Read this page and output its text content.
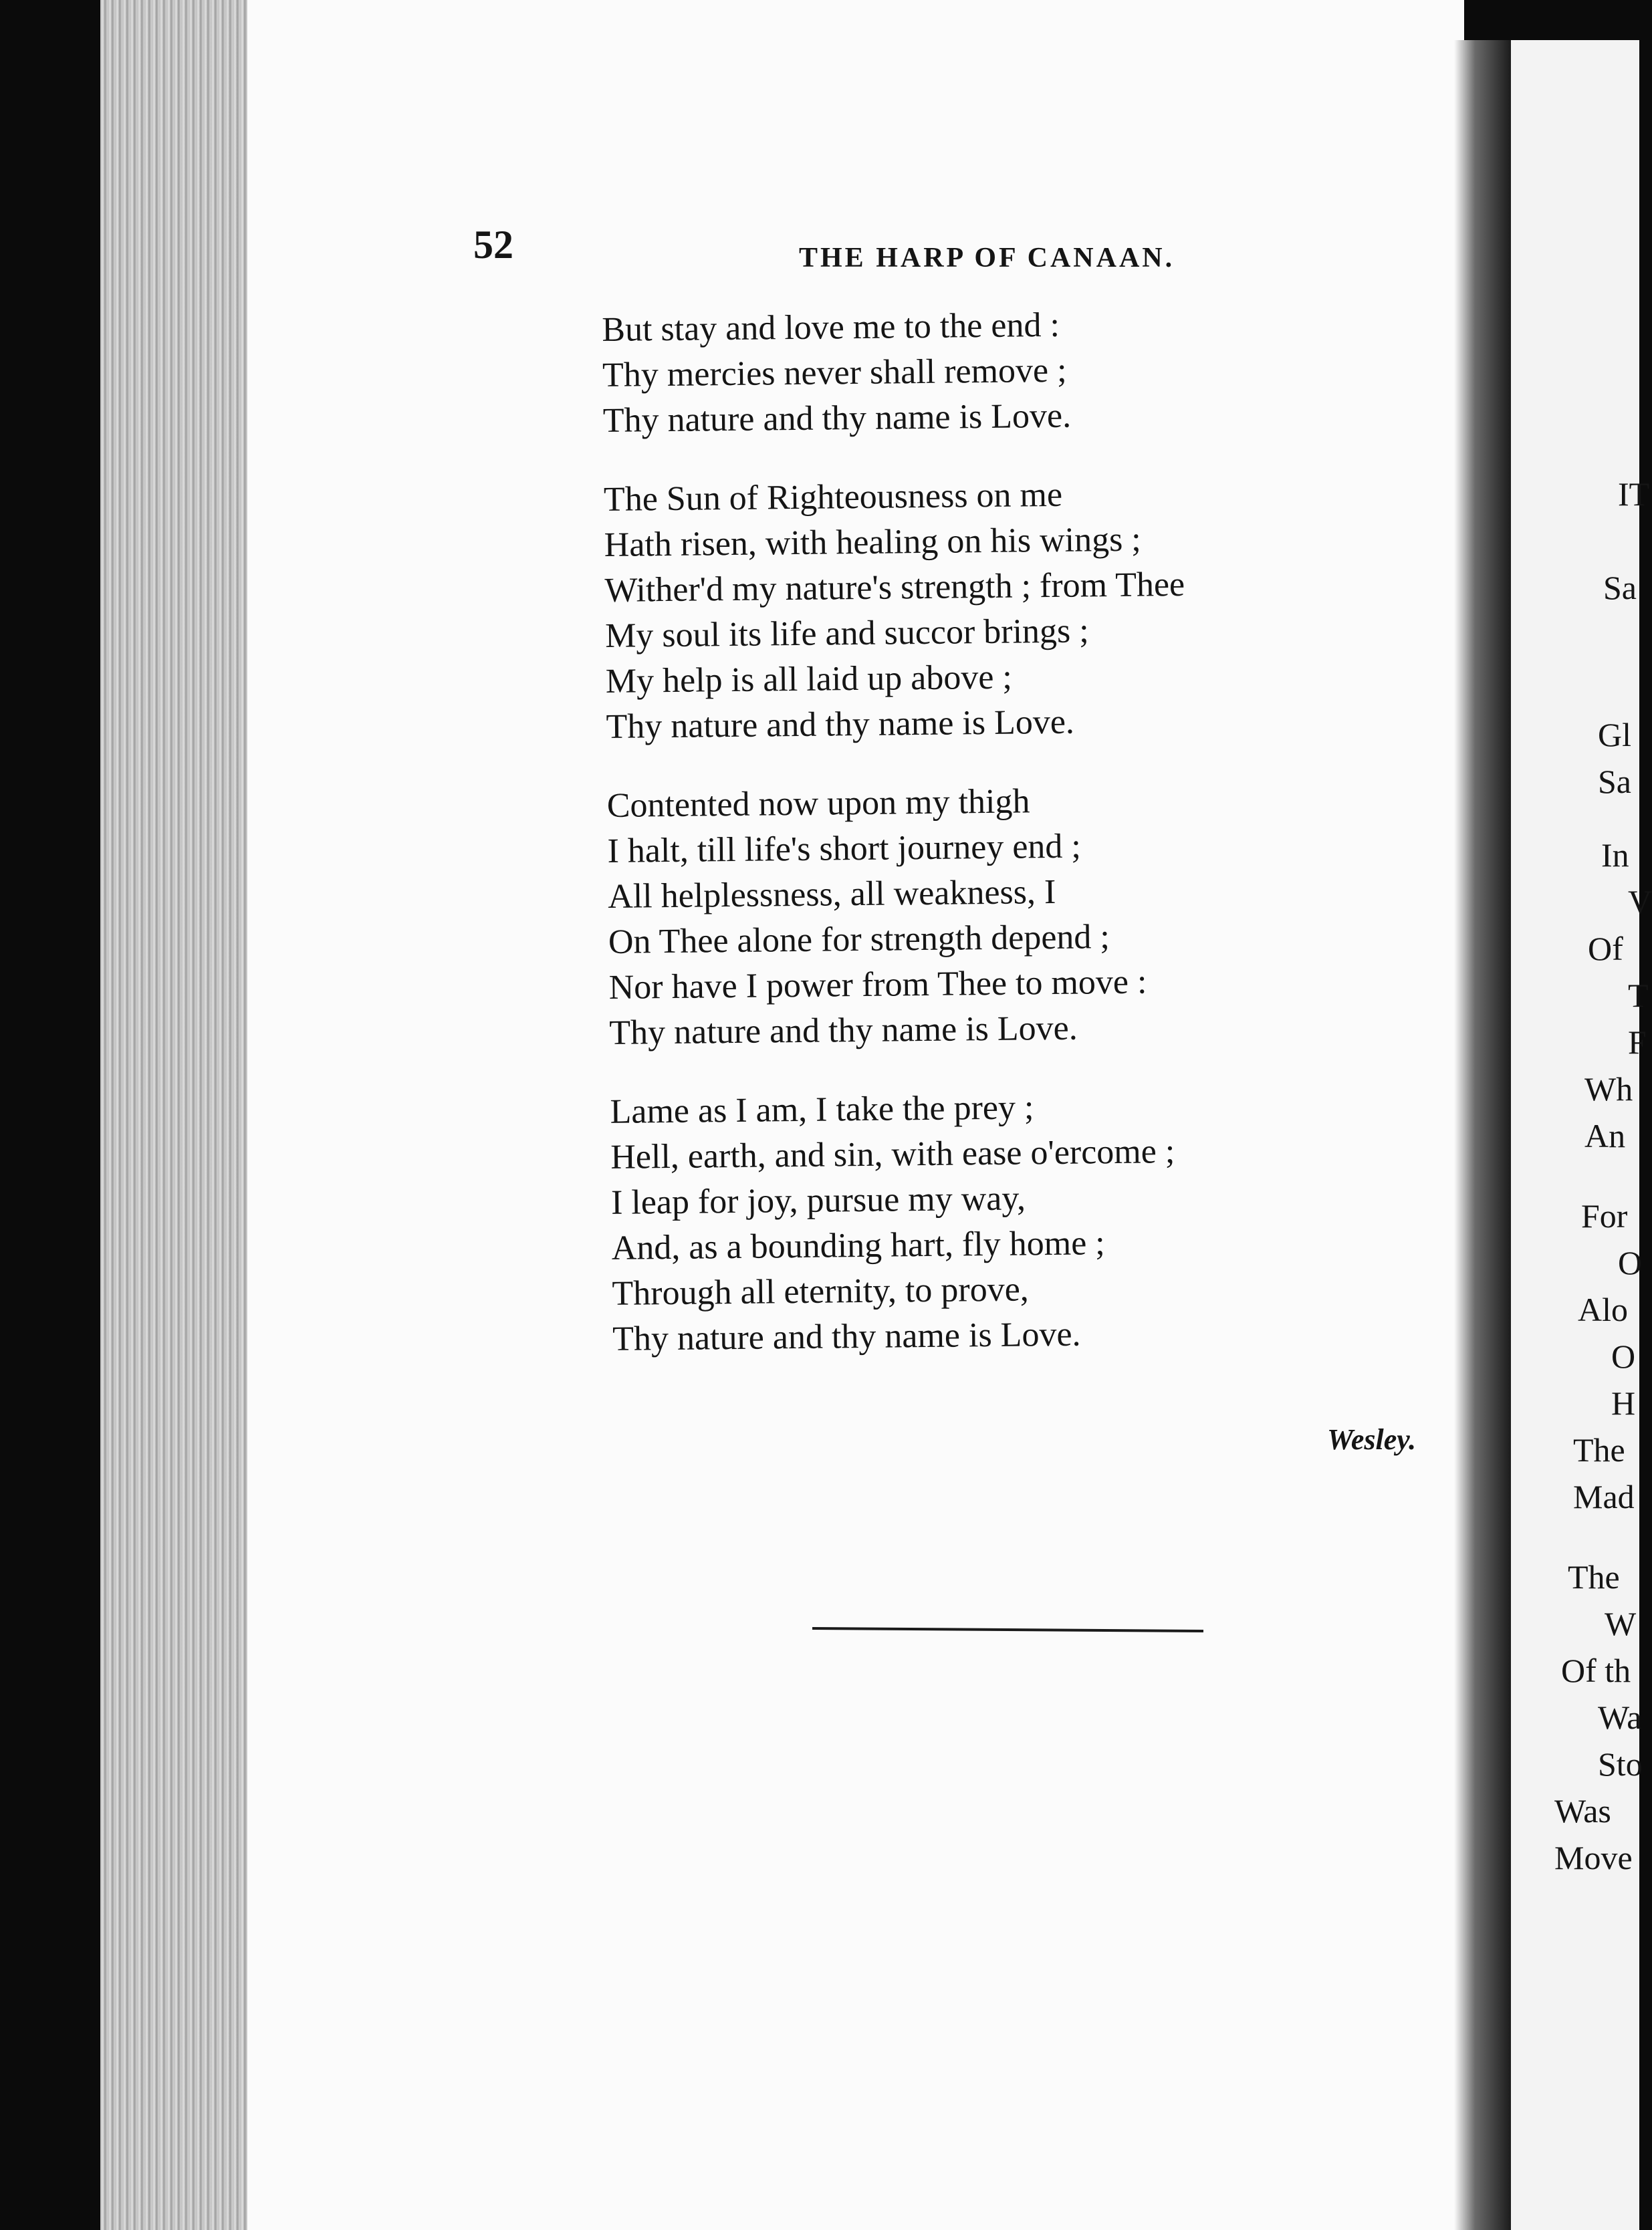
IT
Sa
Gl
Sa
In
V
Of
T
F
Wh
An
For
O
Alo
O
H
The
Mad
The
W
Of th
Wa
Sto
Was
Move
52	THE HARP OF CANAAN.
But stay and love me to the end :
Thy mercies never shall remove ;
Thy nature and thy name is Love.
The Sun of Righteousness on me
Hath risen, with healing on his wings ;
Wither'd my nature's strength ; from Thee
My soul its life and succor brings ;
My help is all laid up above ;
Thy nature and thy name is Love.
Contented now upon my thigh
I halt, till life's short journey end ;
All helplessness, all weakness, I
On Thee alone for strength depend ;
Nor have I power from Thee to move :
Thy nature and thy name is Love.
Lame as I am, I take the prey ;
Hell, earth, and sin, with ease o'ercome ;
I leap for joy, pursue my way,
And, as a bounding hart, fly home ;
Through all eternity, to prove,
Thy nature and thy name is Love.
Wesley.
